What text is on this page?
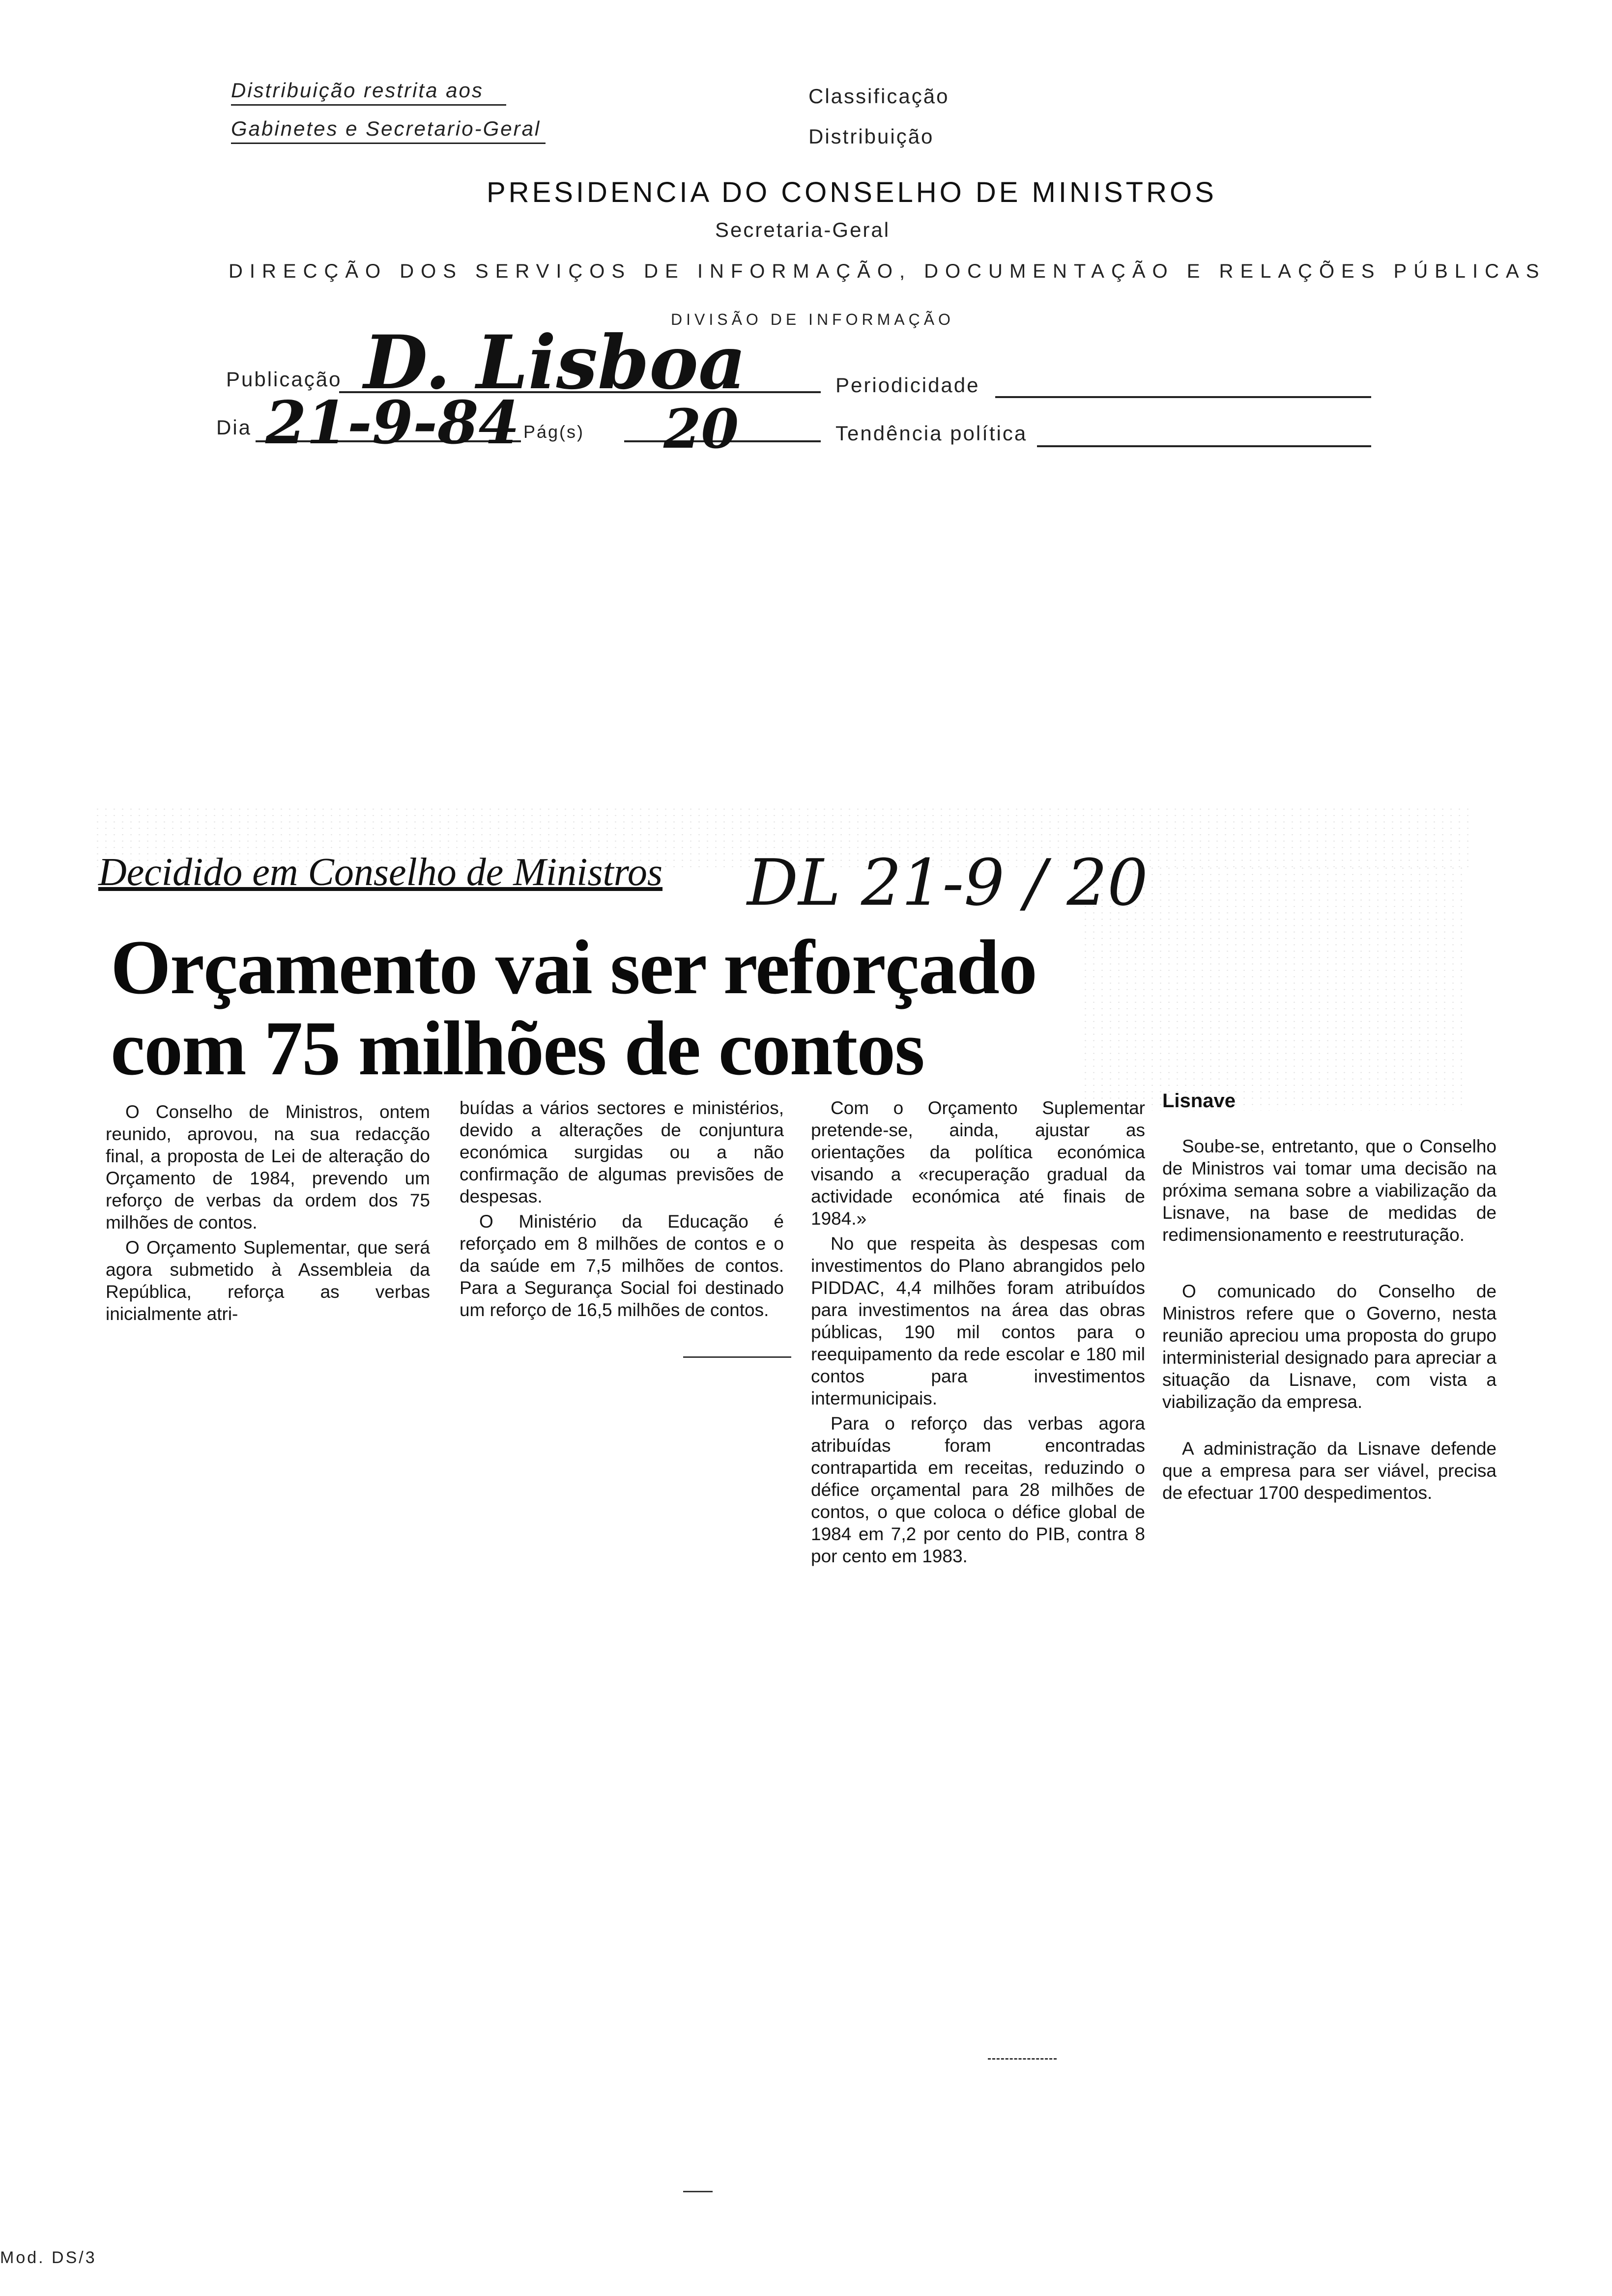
Distribuição restrita aos
Gabinetes e Secretario-Geral
Classificação
Distribuição
PRESIDENCIA DO CONSELHO DE MINISTROS
Secretaria-Geral
DIRECÇÃO DOS SERVIÇOS DE INFORMAÇÃO, DOCUMENTAÇÃO E RELAÇÕES PÚBLICAS
DIVISÃO DE INFORMAÇÃO
Publicação D. Lisboa	Periodicidade
Dia 21-9-84 Pág(s) 20	Tendência política
Decidido em Conselho de Ministros DL 21-9 / 20
Orçamento vai ser reforçado
com 75 milhões de contos

O Conselho de Ministros, ontem reunido, aprovou, na sua redacção final, a proposta de Lei de alteração do Orçamento de 1984, prevendo um reforço de verbas da ordem dos 75 milhões de contos.

O Orçamento Suplementar, que será agora submetido à Assembleia da República, reforça as verbas inicialmente atri-

buídas a vários sectores e ministérios, devido a alterações de conjuntura económica surgidas ou a não confirmação de algumas previsões de despesas.

O Ministério da Educação é reforçado em 8 milhões de contos e o da saúde em 7,5 milhões de contos. Para a Segurança Social foi destinado um reforço de 16,5 milhões de contos.

Com o Orçamento Suplementar pretende-se, ainda, ajustar as orientações da política económica visando a «recuperação gradual da actividade económica até finais de 1984.»

No que respeita às despesas com investimentos do Plano abrangidos pelo PIDDAC, 4,4 milhões foram atribuídos para investimentos na área das obras públicas, 190 mil contos para o reequipamento da rede escolar e 180 mil contos para investimentos intermunicipais.

Para o reforço das verbas agora atribuídas foram encontradas contrapartida em receitas, reduzindo o défice orçamental para 28 milhões de contos, o que coloca o défice global de 1984 em 7,2 por cento do PIB, contra 8 por cento em 1983.

Lisnave

Soube-se, entretanto, que o Conselho de Ministros vai tomar uma decisão na próxima semana sobre a viabilização da Lisnave, na base de medidas de redimensionamento e reestruturação.

O comunicado do Conselho de Ministros refere que o Governo, nesta reunião apreciou uma proposta do grupo interministerial designado para apreciar a situação da Lisnave, com vista a viabilização da empresa.

A administração da Lisnave defende que a empresa para ser viável, precisa de efectuar 1700 despedimentos.

Mod. DS/3
